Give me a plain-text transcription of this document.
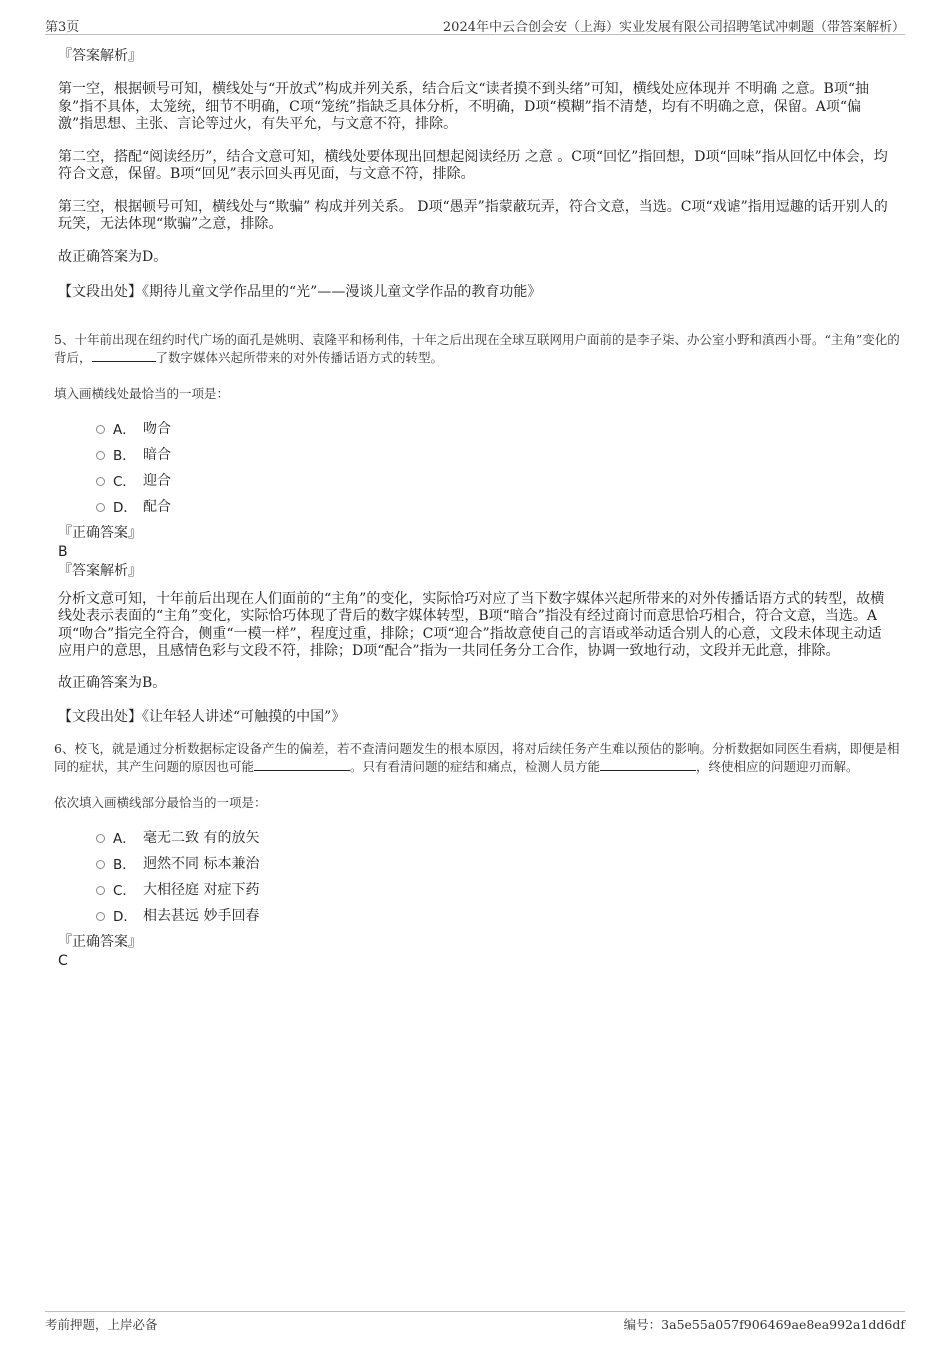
第3页	2024年中云合创会安（上海）实业发展有限公司招聘笔试冲刺题（带答案解析）
『答案解析』
第一空，根据顿号可知，横线处与“开放式”构成并列关系，结合后文“读者摸不到头绪”可知，横线处应体现并 不明确 之意。B项“抽象”指不具体，太笼统，细节不明确，C项“笼统”指缺乏具体分析，不明确，D项“模糊”指不清楚，均有不明确之意，保留。A项“偏激”指思想、主张、言论等过火，有失平允，与文意不符，排除。
第二空，搭配“阅读经历”，结合文意可知，横线处要体现出回想起阅读经历 之意 。C项“回忆”指回想，D项“回味”指从回忆中体会，均符合文意，保留。B项“回见”表示回头再见面，与文意不符，排除。
第三空，根据顿号可知，横线处与“欺骗” 构成并列关系。 D项“愚弄”指蒙蔽玩弄，符合文意，当选。C项“戏谑”指用逗趣的话开别人的玩笑，无法体现“欺骗”之意，排除。
故正确答案为D。
【文段出处】《期待儿童文学作品里的“光”——漫谈儿童文学作品的教育功能》
5、十年前出现在纽约时代广场的面孔是姚明、袁隆平和杨利伟，十年之后出现在全球互联网用户面前的是李子柒、办公室小野和滇西小哥。“主角”变化的背后，	了数字媒体兴起所带来的对外传播话语方式的转型。
填入画横线处最恰当的一项是：
A． 吻合
B． 暗合
C． 迎合
D． 配合
『正确答案』
B
『答案解析』
分析文意可知，十年前后出现在人们面前的“主角”的变化，实际恰巧对应了当下数字媒体兴起所带来的对外传播话语方式的转型，故横线处表示表面的“主角”变化，实际恰巧体现了背后的数字媒体转型，B项“暗合”指没有经过商讨而意思恰巧相合，符合文意，当选。A项“吻合”指完全符合，侧重“一模一样”，程度过重，排除；C项“迎合”指故意使自己的言语或举动适合别人的心意，文段未体现主动适应用户的意思，且感情色彩与文段不符，排除；D项“配合”指为一共同任务分工合作，协调一致地行动，文段并无此意，排除。
故正确答案为B。
【文段出处】《让年轻人讲述“可触摸的中国”》
6、校飞，就是通过分析数据标定设备产生的偏差，若不查清问题发生的根本原因，将对后续任务产生难以预估的影响。分析数据如同医生看病，即便是相同的症状，其产生问题的原因也可能	。只有看清问题的症结和痛点，检测人员方能	，终使相应的问题迎刃而解。
依次填入画横线部分最恰当的一项是：
A． 毫无二致 有的放矢
B． 迥然不同 标本兼治
C． 大相径庭 对症下药
D． 相去甚远 妙手回春
『正确答案』
C
考前押题，上岸必备	编号：3a5e55a057f906469ae8ea992a1dd6df
